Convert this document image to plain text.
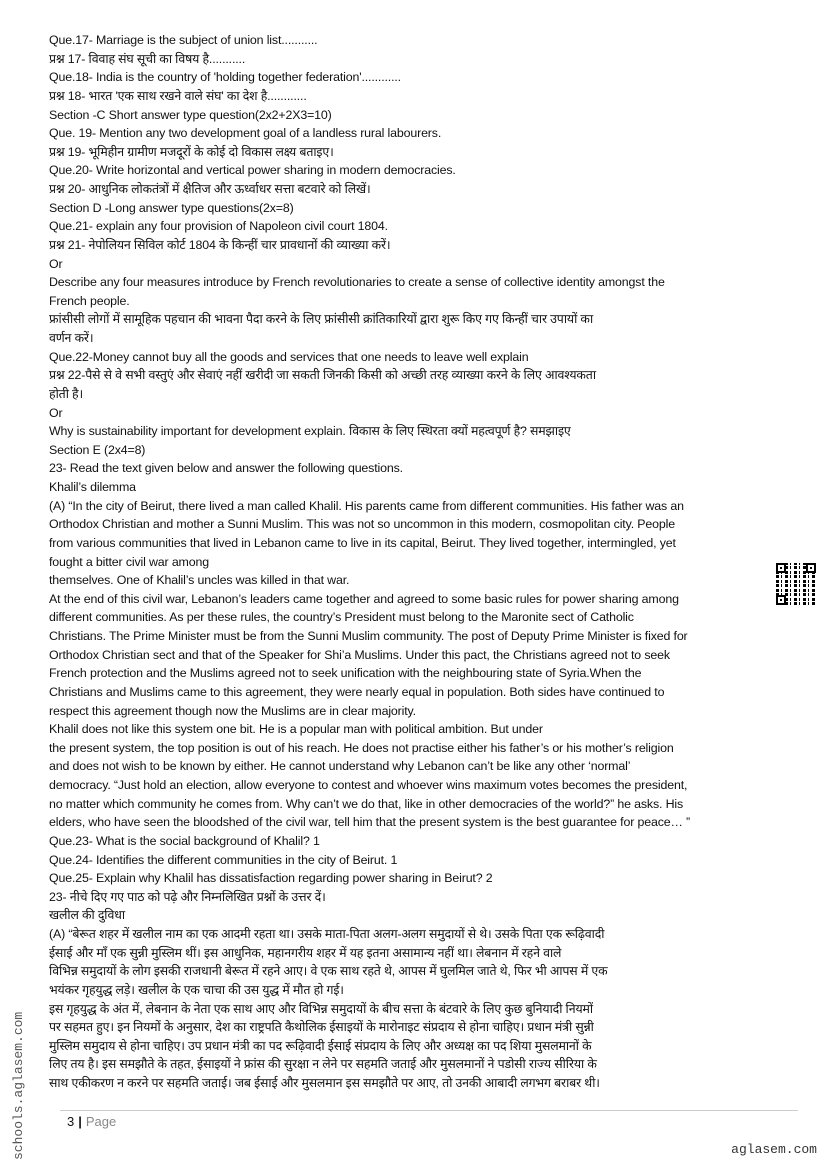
Que.17- Marriage is the subject of union list...........
प्रश्न 17- विवाह संघ सूची का विषय है...........
Que.18- India is the country of 'holding together federation'............
प्रश्न 18- भारत 'एक साथ रखने वाले संघ' का देश है............
Section -C Short answer type question(2x2+2X3=10)
Que. 19- Mention any two development goal of a landless rural labourers.
प्रश्न 19- भूमिहीन ग्रामीण मजदूरों के कोई दो विकास लक्ष्य बताइए।
Que.20- Write horizontal and vertical power sharing in modern democracies.
प्रश्न 20- आधुनिक लोकतंत्रों में क्षैतिज और ऊर्ध्वाधर सत्ता बटवारे को लिखें।
Section D -Long answer type questions(2x=8)
Que.21- explain any four provision of Napoleon civil court 1804.
प्रश्न 21- नेपोलियन सिविल कोर्ट 1804 के किन्हीं चार प्रावधानों की व्याख्या करें।
Or
Describe any four measures introduce by French revolutionaries to create a sense of collective identity amongst the
French people.
फ्रांसीसी लोगों में सामूहिक पहचान की भावना पैदा करने के लिए फ्रांसीसी क्रांतिकारियों द्वारा शुरू किए गए किन्हीं चार उपायों का
वर्णन करें।
Que.22-Money cannot buy all the goods and services that one needs to leave well explain
प्रश्न 22-पैसे से वे सभी वस्तुएं और सेवाएं नहीं खरीदी जा सकती जिनकी किसी को अच्छी तरह व्याख्या करने के लिए आवश्यकता
होती है।
Or
Why is sustainability important for development explain. विकास के लिए स्थिरता क्यों महत्वपूर्ण है? समझाइए
Section E (2x4=8)
23- Read the text given below and answer the following questions.
Khalil’s dilemma
(A) “In the city of Beirut, there lived a man called Khalil. His parents came from different communities. His father was an
Orthodox Christian and mother a Sunni Muslim. This was not so uncommon in this modern, cosmopolitan city. People
from various communities that lived in Lebanon came to live in its capital, Beirut. They lived together, intermingled, yet
fought a bitter civil war among
themselves. One of Khalil’s uncles was killed in that war.
At the end of this civil war, Lebanon’s leaders came together and agreed to some basic rules for power sharing among
different communities. As per these rules, the country’s President must belong to the Maronite sect of Catholic
Christians. The Prime Minister must be from the Sunni Muslim community. The post of Deputy Prime Minister is fixed for
Orthodox Christian sect and that of the Speaker for Shi’a Muslims. Under this pact, the Christians agreed not to seek
French protection and the Muslims agreed not to seek unification with the neighbouring state of Syria.When the
Christians and Muslims came to this agreement, they were nearly equal in population. Both sides have continued to
respect this agreement though now the Muslims are in clear majority.
Khalil does not like this system one bit. He is a popular man with political ambition. But under
the present system, the top position is out of his reach. He does not practise either his father’s or his mother’s religion
and does not wish to be known by either. He cannot understand why Lebanon can’t be like any other ‘normal’
democracy. “Just hold an election, allow everyone to contest and whoever wins maximum votes becomes the president,
no matter which community he comes from. Why can’t we do that, like in other democracies of the world?” he asks. His
elders, who have seen the bloodshed of the civil war, tell him that the present system is the best guarantee for peace… ”
Que.23- What is the social background of Khalil? 1
Que.24- Identifies the different communities in the city of Beirut. 1
Que.25- Explain why Khalil has dissatisfaction regarding power sharing in Beirut? 2
23- नीचे दिए गए पाठ को पढ़े और निम्नलिखित प्रश्नों के उत्तर दें।
खलील की दुविधा
(A) “बेरूत शहर में खलील नाम का एक आदमी रहता था। उसके माता-पिता अलग-अलग समुदायों से थे। उसके पिता एक रूढ़िवादी
ईसाई और माँ एक सुन्नी मुस्लिम थीं। इस आधुनिक, महानगरीय शहर में यह इतना असामान्य नहीं था। लेबनान में रहने वाले
विभिन्न समुदायों के लोग इसकी राजधानी बेरूत में रहने आए। वे एक साथ रहते थे, आपस में घुलमिल जाते थे, फिर भी आपस में एक
भयंकर गृहयुद्ध लड़े। खलील के एक चाचा की उस युद्ध में मौत हो गई।
इस गृहयुद्ध के अंत में, लेबनान के नेता एक साथ आए और विभिन्न समुदायों के बीच सत्ता के बंटवारे के लिए कुछ बुनियादी नियमों
पर सहमत हुए। इन नियमों के अनुसार, देश का राष्ट्रपति कैथोलिक ईसाइयों के मारोनाइट संप्रदाय से होना चाहिए। प्रधान मंत्री सुन्नी
मुस्लिम समुदाय से होना चाहिए। उप प्रधान मंत्री का पद रूढ़िवादी ईसाई संप्रदाय के लिए और अध्यक्ष का पद शिया मुसलमानों के
लिए तय है। इस समझौते के तहत, ईसाइयों ने फ्रांस की सुरक्षा न लेने पर सहमति जताई और मुसलमानों ने पडोसी राज्य सीरिया के
साथ एकीकरण न करने पर सहमति जताई। जब ईसाई और मुसलमान इस समझौते पर आए, तो उनकी आबादी लगभग बराबर थी।
3 | Page
aglasem.com
schools.aglasem.com
